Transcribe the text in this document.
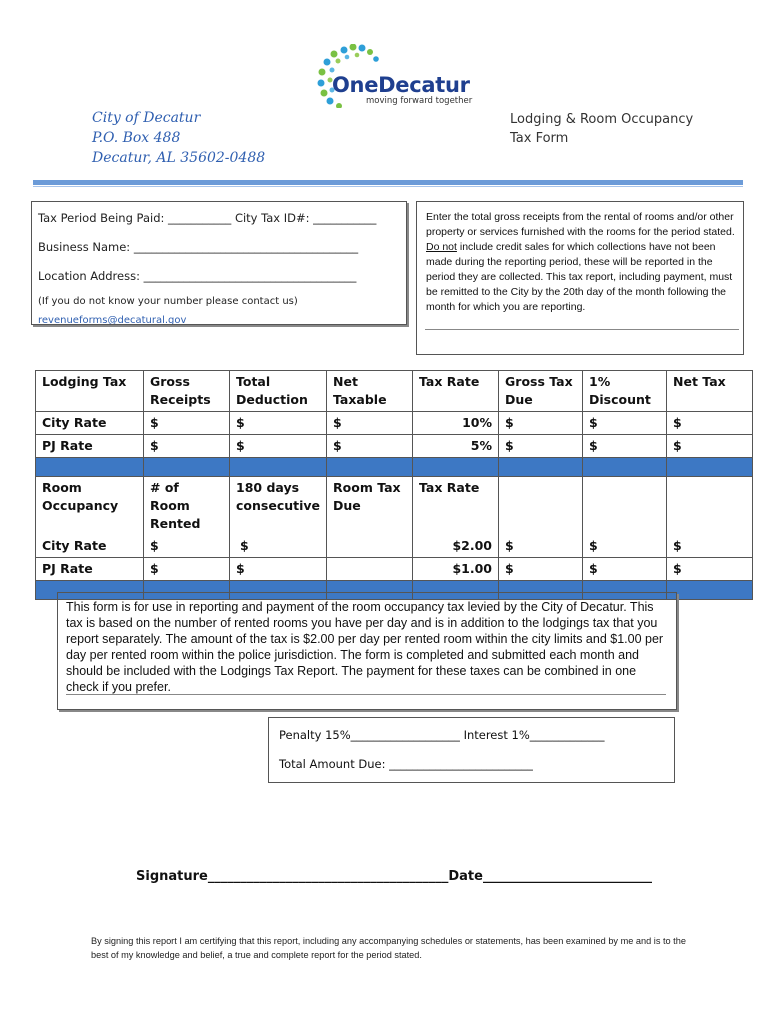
OneDecatur
moving forward together
City of Decatur
P.O. Box 488
Decatur, AL 35602-0488
Lodging & Room Occupancy
Tax Form
Tax Period Being Paid: ___________ City Tax ID#: ___________
Business Name: _______________________________________
Location Address: _____________________________________
(If you do not know your number please contact us)
revenueforms@decatural.gov
Enter the total gross receipts from the rental of rooms and/or other property or services furnished with the rooms for the period stated. Do not include credit sales for which collections have not been made during the reporting period, these will be reported in the period they are collected. This tax report, including payment, must be remitted to the City by the 20th day of the month following the month for which you are reporting.
Lodging Tax	Gross Receipts	Total Deduction	Net Taxable	Tax Rate	Gross Tax Due	1% Discount	Net Tax
City Rate	$	$	$	10%	$	$	$
PJ Rate	$	$	$	5%	$	$	$

Room Occupancy	# of Room Rented	180 days consecutive	Room Tax Due	Tax Rate			
City Rate	$	$		$2.00	$	$	$
PJ Rate	$	$		$1.00	$	$	$

This form is for use in reporting and payment of the room occupancy tax levied by the City of Decatur. This tax is based on the number of rented rooms you have per day and is in addition to the lodgings tax that you report separately. The amount of the tax is $2.00 per day per rented room within the city limits and $1.00 per day per rented room within the police jurisdiction. The form is completed and submitted each month and should be included with the Lodgings Tax Report. The payment for these taxes can be combined in one check if you prefer.
Penalty 15%___________________ Interest 1%_____________
Total Amount Due: _________________________
Signature_____________________________________Date__________________________
By signing this report I am certifying that this report, including any accompanying schedules or statements, has been examined by me and is to the best of my knowledge and belief, a true and complete report for the period stated.
